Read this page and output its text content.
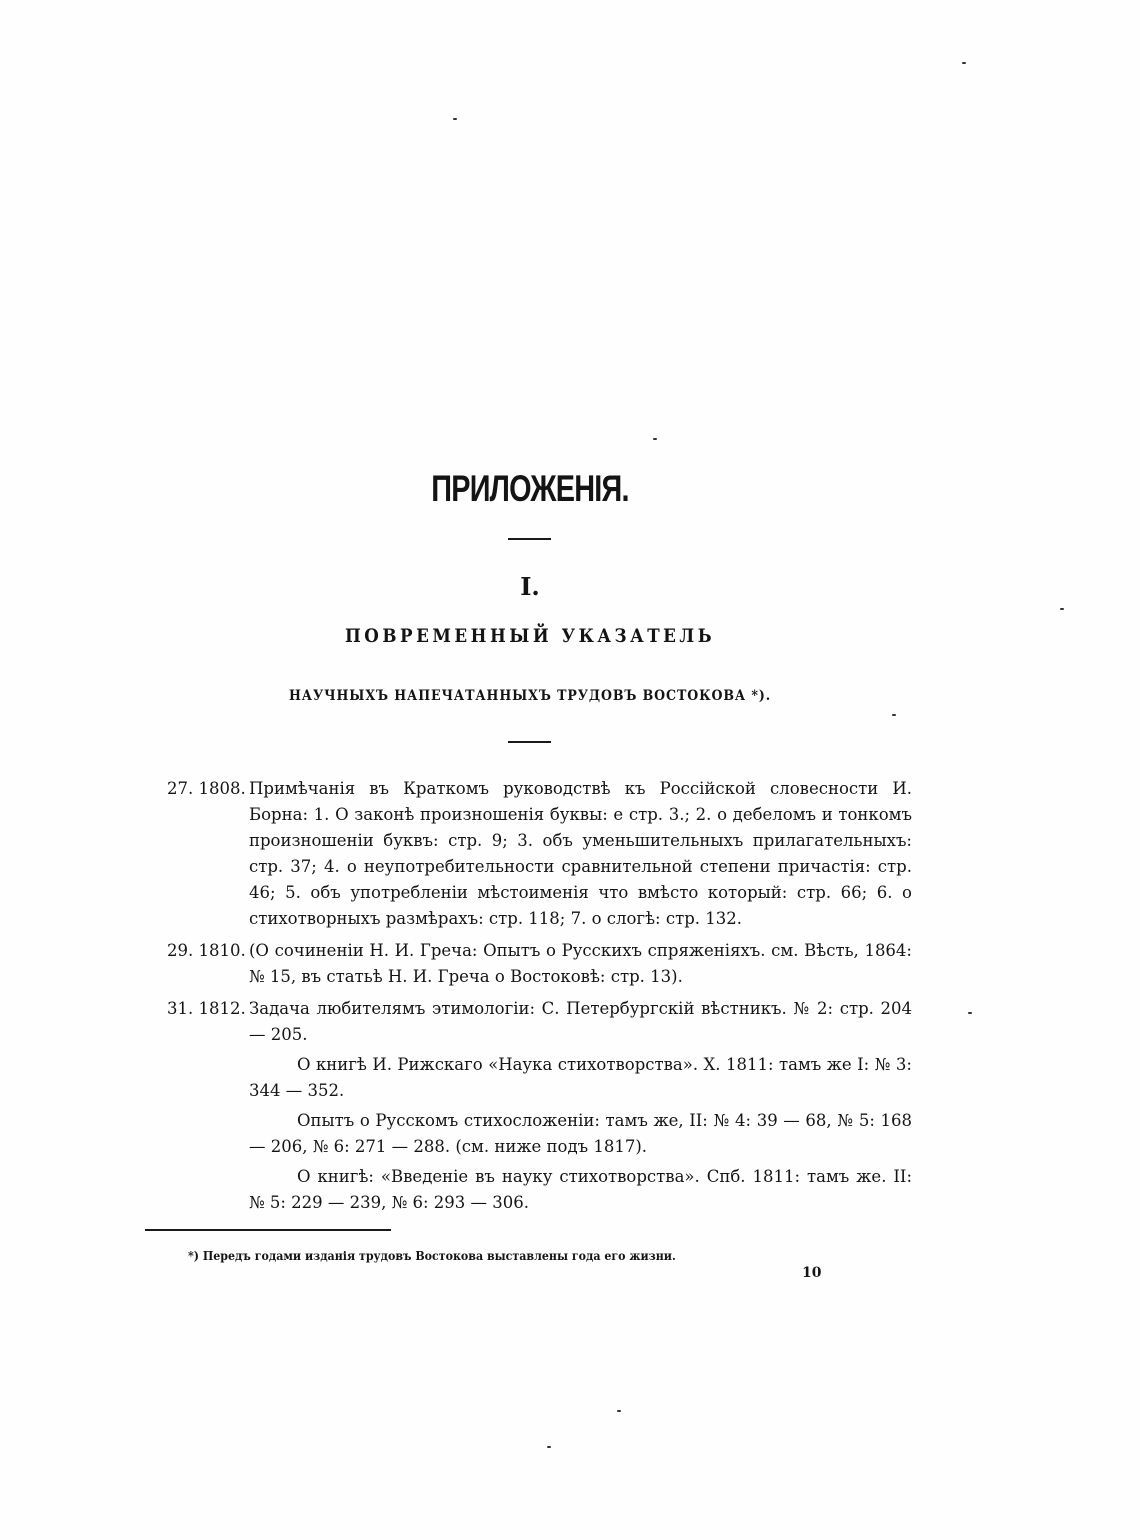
ПРИЛОЖЕНІЯ.
I.
ПОВРЕМЕННЫЙ УКАЗАТЕЛЬ
НАУЧНЫХЪ НАПЕЧАТАННЫХЪ ТРУДОВЪ ВОСТОКОВА *).
27. 1808. Примѣчанія въ Краткомъ руководствѣ къ Россійской словесности И. Борна: 1. О законѣ произношенія буквы: е стр. 3.; 2. о дебеломъ и тонкомъ произношеніи буквъ: стр. 9; 3. объ уменьшительныхъ прилагательныхъ: стр. 37; 4. о неупотребительности сравнительной степени причастія: стр. 46; 5. объ употребленіи мѣстоименія что вмѣсто который: стр. 66; 6. о стихотворныхъ размѣрахъ: стр. 118; 7. о слогѣ: стр. 132.
29. 1810. (О сочиненіи Н. И. Греча: Опытъ о Русскихъ спряженіяхъ. см. Вѣсть, 1864: № 15, въ статьѣ Н. И. Греча о Востоковѣ: стр. 13).
31. 1812. Задача любителямъ этимологіи: С. Петербургскій вѣстникъ. № 2: стр. 204 — 205.
О книгѣ И. Рижскаго «Наука стихотворства». Х. 1811: тамъ же I: № 3: 344 — 352.
Опытъ о Русскомъ стихосложеніи: тамъ же, II: № 4: 39 — 68, № 5: 168 — 206, № 6: 271 — 288. (см. ниже подъ 1817).
О книгѣ: «Введеніе въ науку стихотворства». Спб. 1811: тамъ же. II: № 5: 229 — 239, № 6: 293 — 306.
*) Передъ годами изданія трудовъ Востокова выставлены года его жизни.
10
